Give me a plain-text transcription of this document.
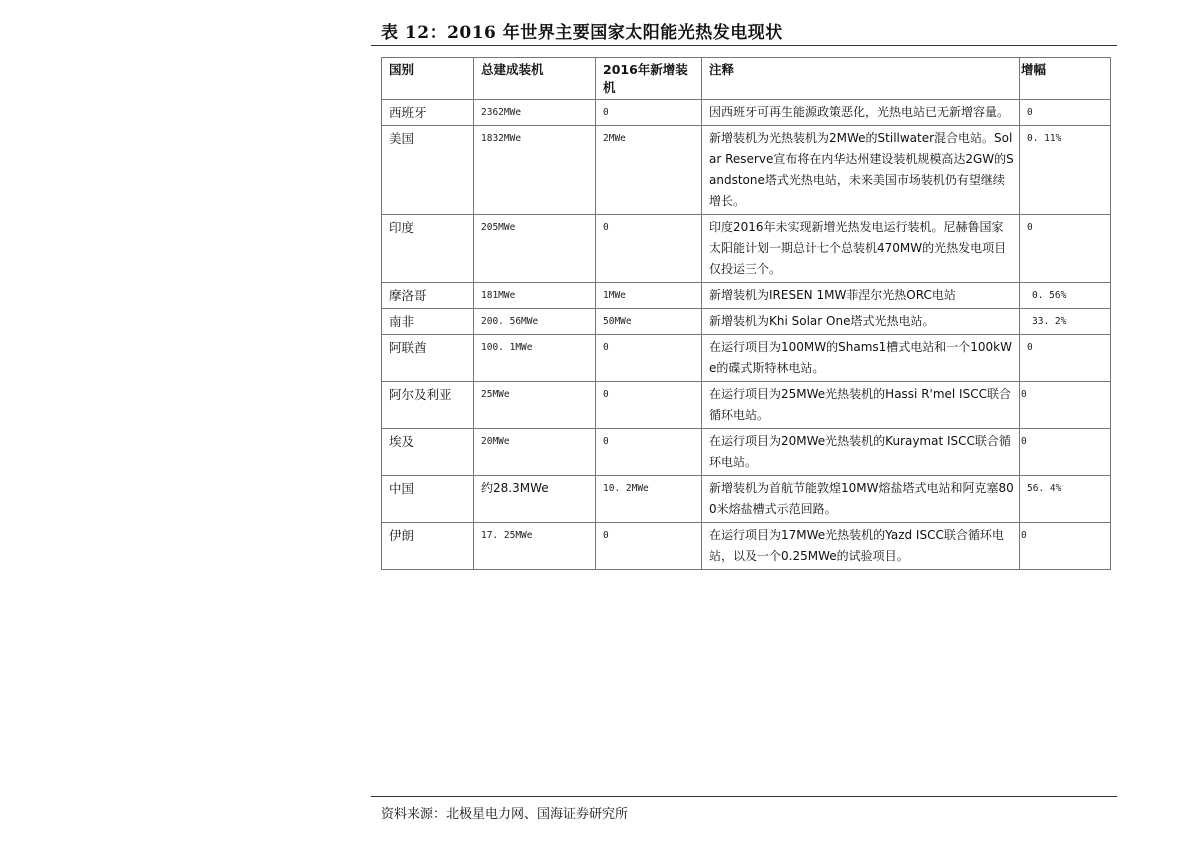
表 12：2016 年世界主要国家太阳能光热发电现状
国别	总建成装机	2016年新增装机	注释	增幅
西班牙	2362MWe	0	因西班牙可再生能源政策恶化，光热电站已无新增容量。	0
美国	1832MWe	2MWe	新增装机为光热装机为2MWe的Stillwater混合电站。Solar Reserve宣布将在内华达州建设装机规模高达2GW的Sandstone塔式光热电站，未来美国市场装机仍有望继续增长。	0. 11%
印度	205MWe	0	印度2016年未实现新增光热发电运行装机。尼赫鲁国家太阳能计划一期总计七个总装机470MW的光热发电项目仅投运三个。	0
摩洛哥	181MWe	1MWe	新增装机为IRESEN 1MW菲涅尔光热ORC电站	0. 56%
南非	200. 56MWe	50MWe	新增装机为Khi Solar One塔式光热电站。	33. 2%
阿联酋	100. 1MWe	0	在运行项目为100MW的Shams1槽式电站和一个100kWe的碟式斯特林电站。	0
阿尔及利亚	25MWe	0	在运行项目为25MWe光热装机的Hassi R'mel ISCC联合循环电站。	0
埃及	20MWe	0	在运行项目为20MWe光热装机的Kuraymat ISCC联合循环电站。	0
中国	约28.3MWe	10. 2MWe	新增装机为首航节能敦煌10MW熔盐塔式电站和阿克塞800米熔盐槽式示范回路。	56. 4%
伊朗	17. 25MWe	0	在运行项目为17MWe光热装机的Yazd ISCC联合循环电站，以及一个0.25MWe的试验项目。	0
资料来源：北极星电力网、国海证券研究所
